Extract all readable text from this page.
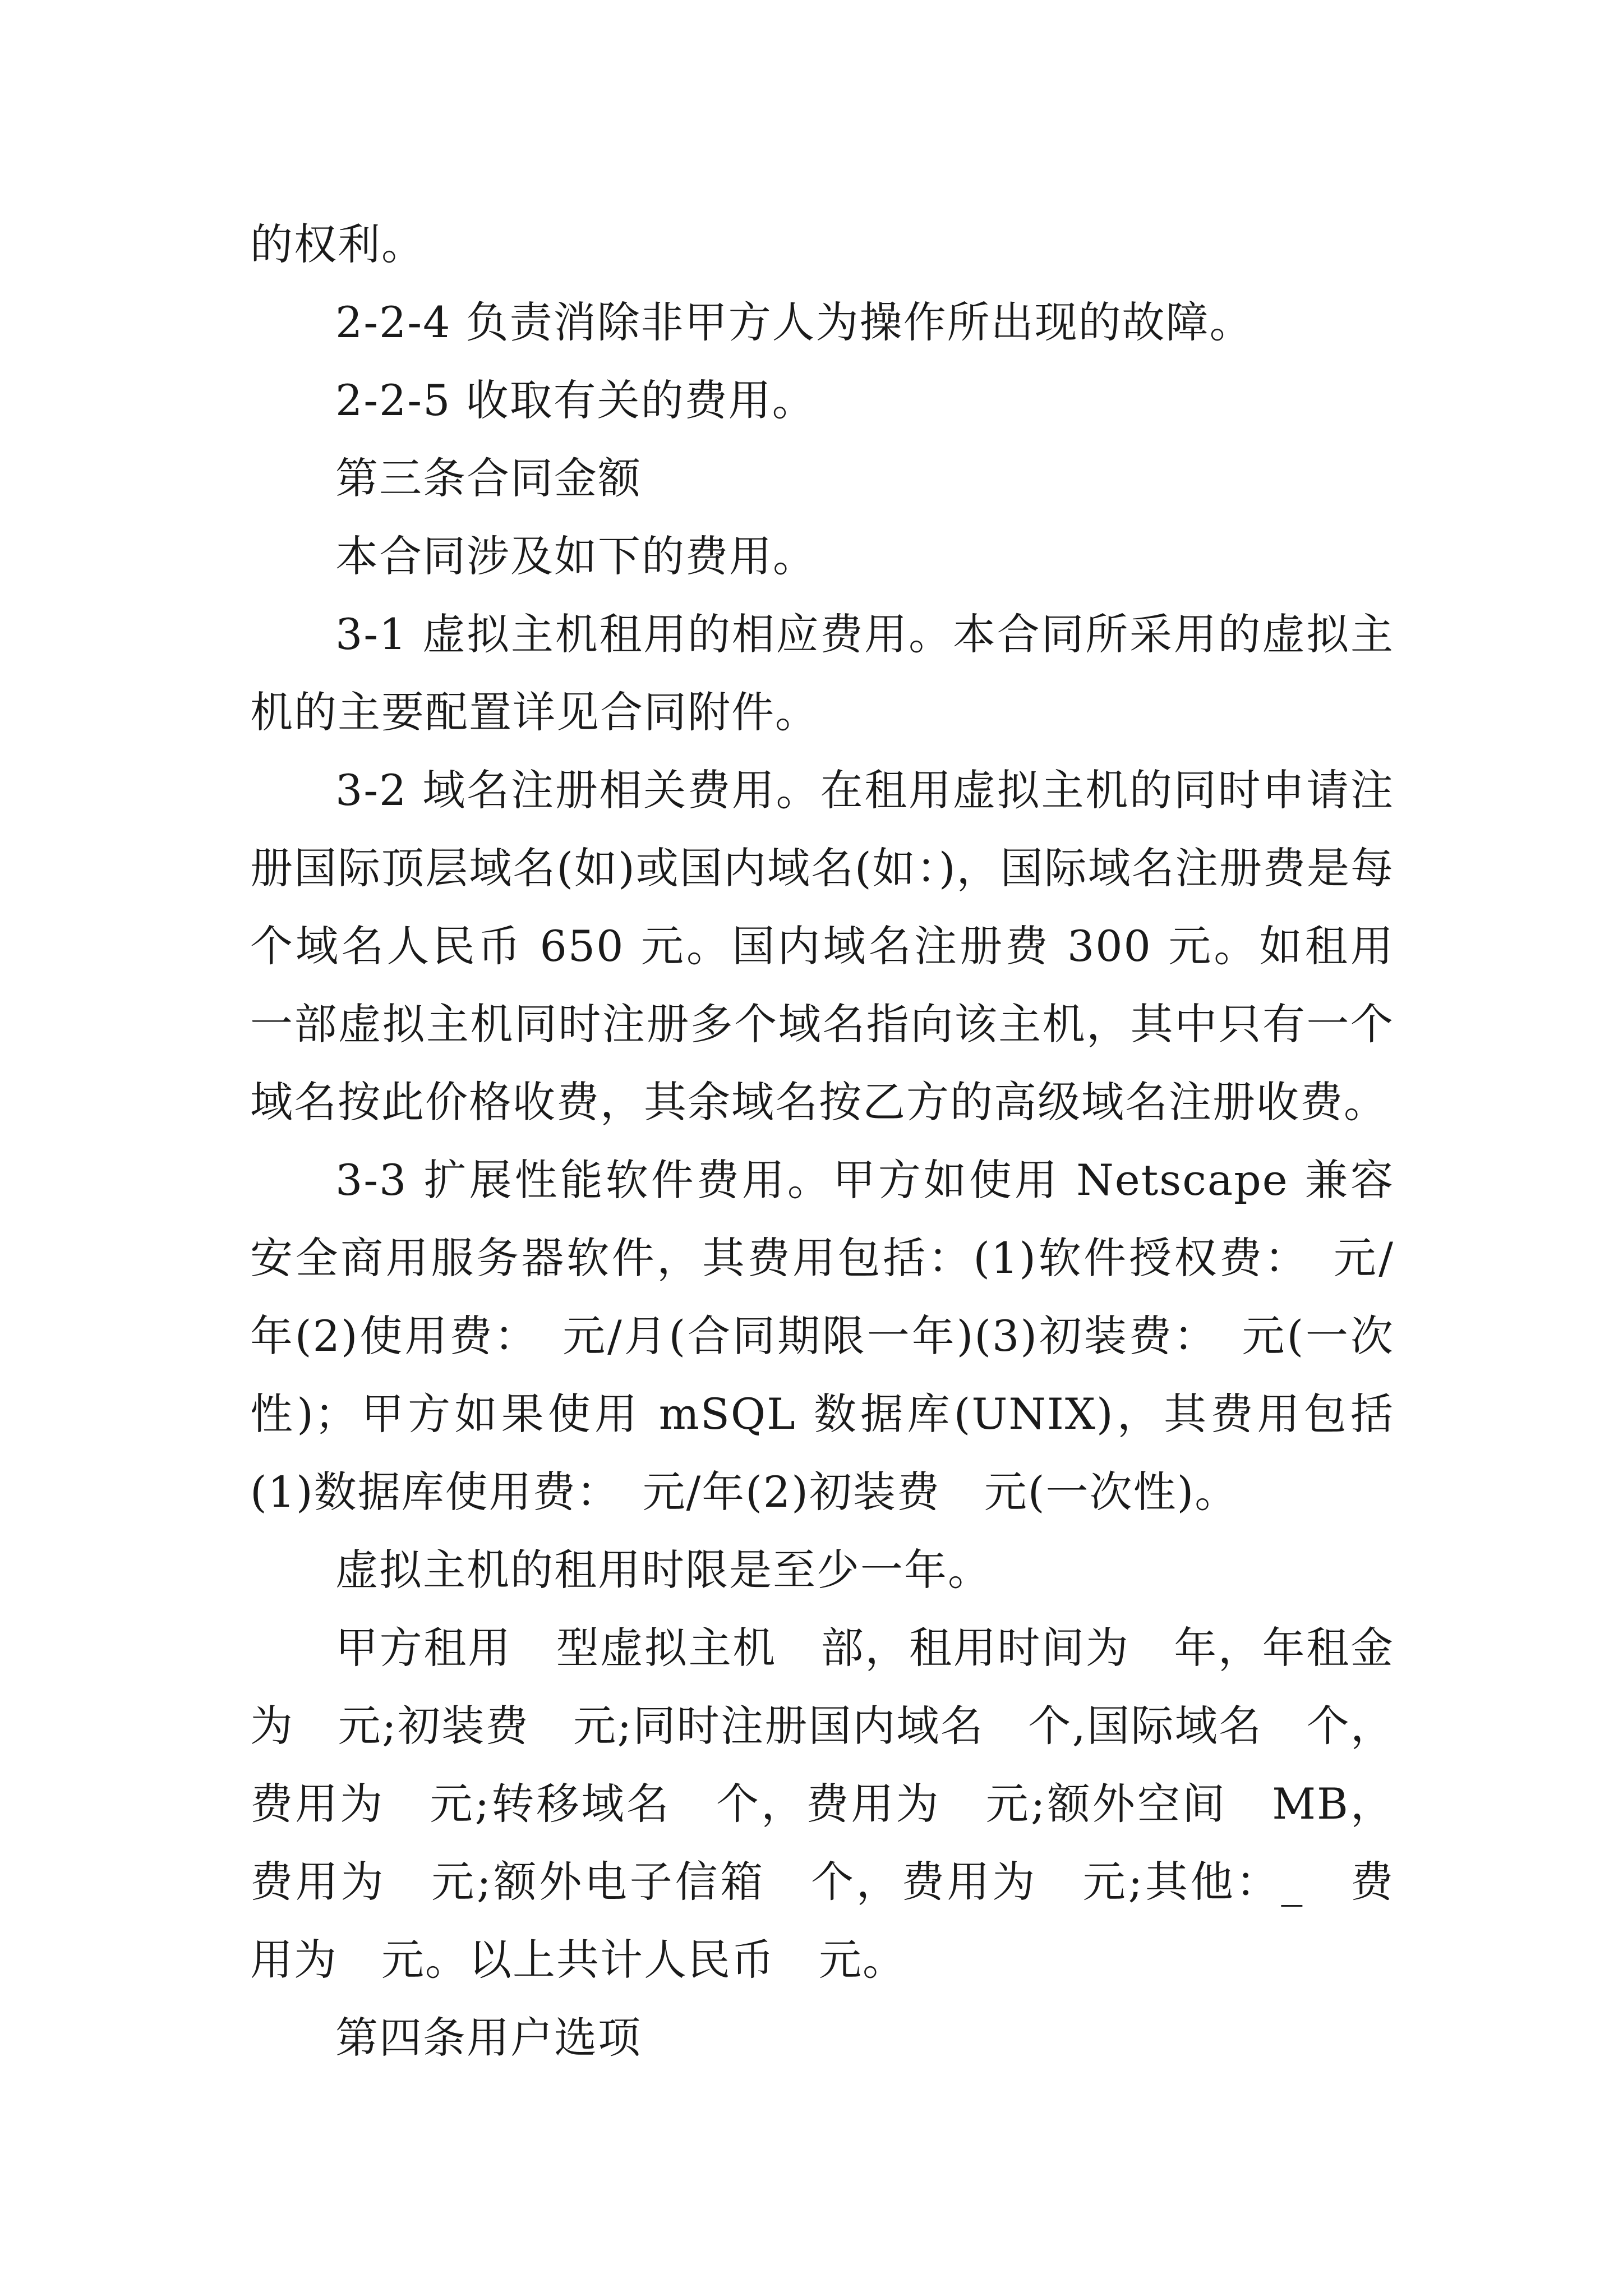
的权利。

2-2-4 负责消除非甲方人为操作所出现的故障。

2-2-5 收取有关的费用。

第三条合同金额

本合同涉及如下的费用。

3-1 虚拟主机租用的相应费用。本合同所采用的虚拟主机的主要配置详见合同附件。

3-2 域名注册相关费用。在租用虚拟主机的同时申请注册国际顶层域名(如)或国内域名(如：)，国际域名注册费是每个域名人民币 650 元。国内域名注册费 300 元。如租用一部虚拟主机同时注册多个域名指向该主机，其中只有一个域名按此价格收费，其余域名按乙方的高级域名注册收费。

3-3 扩展性能软件费用。甲方如使用 Netscape 兼容安全商用服务器软件，其费用包括：(1)软件授权费：　元/年(2)使用费：　元/月(合同期限一年)(3)初装费：　元(一次性)；甲方如果使用 mSQL 数据库(UNIX)，其费用包括(1)数据库使用费：　元/年(2)初装费　元(一次性)。

虚拟主机的租用时限是至少一年。

甲方租用　型虚拟主机　部，租用时间为　年，年租金为　元;初装费　元;同时注册国内域名　个,国际域名　个，费用为　元;转移域名　个，费用为　元;额外空间　MB，费用为　元;额外电子信箱　个，费用为　元;其他：_　费用为　元。以上共计人民币　元。

第四条用户选项
